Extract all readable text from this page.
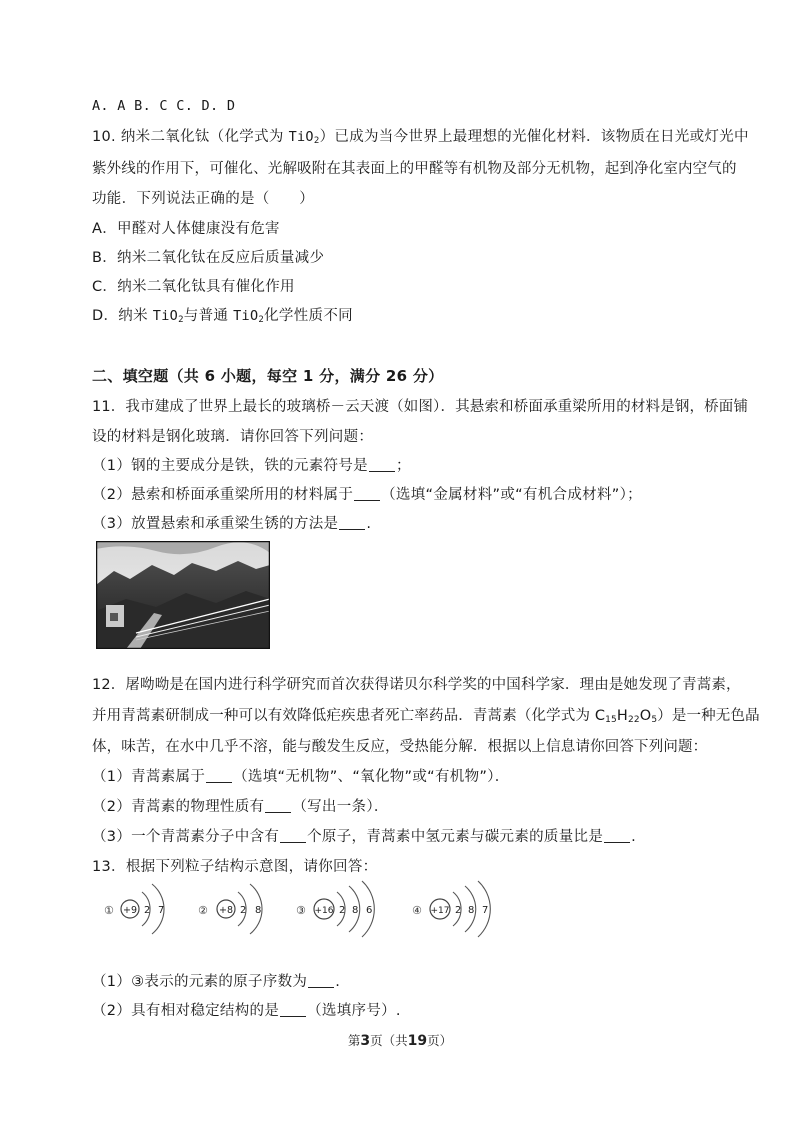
A. A B. C C. D. D
10. 纳米二氧化钛（化学式为 TiO$_2$）已成为当今世界上最理想的光催化材料．该物质在日光或灯光中
紫外线的作用下，可催化、光解吸附在其表面上的甲醛等有机物及部分无机物，起到净化室内空气的
功能．下列说法正确的是（　　）
A．甲醛对人体健康没有危害
B．纳米二氧化钛在反应后质量减少
C．纳米二氧化钛具有催化作用
D．纳米 TiO$_2$与普通 TiO$_2$化学性质不同
二、填空题（共 6 小题，每空 1 分，满分 26 分）
11．我市建成了世界上最长的玻璃桥－云天渡（如图）．其悬索和桥面承重梁所用的材料是钢，桥面铺
设的材料是钢化玻璃．请你回答下列问题：
（1）钢的主要成分是铁，铁的元素符号是 ；
（2）悬索和桥面承重梁所用的材料属于 （选填“金属材料”或“有机合成材料”）；
（3）放置悬索和承重梁生锈的方法是 .
12．屠呦呦是在国内进行科学研究而首次获得诺贝尔科学奖的中国科学家．理由是她发现了青蒿素，
并用青蒿素研制成一种可以有效降低疟疾患者死亡率药品．青蒿素（化学式为 $C_{15}H_{22}O_5$）是一种无色晶
体，味苦，在水中几乎不溶，能与酸发生反应，受热能分解．根据以上信息请你回答下列问题：
（1）青蒿素属于 （选填“无机物”、“氧化物”或“有机物”）．
（2）青蒿素的物理性质有 （写出一条）．
（3）一个青蒿素分子中含有 个原子，青蒿素中氢元素与碳元素的质量比是 .
13．根据下列粒子结构示意图，请你回答：
① +9 2 7	② +8 2 8	③ +16 2 8 6	④ +17 2 8 7
（1）③表示的元素的原子序数为 .
（2）具有相对稳定结构的是 （选填序号）.
第3页（共19页）
